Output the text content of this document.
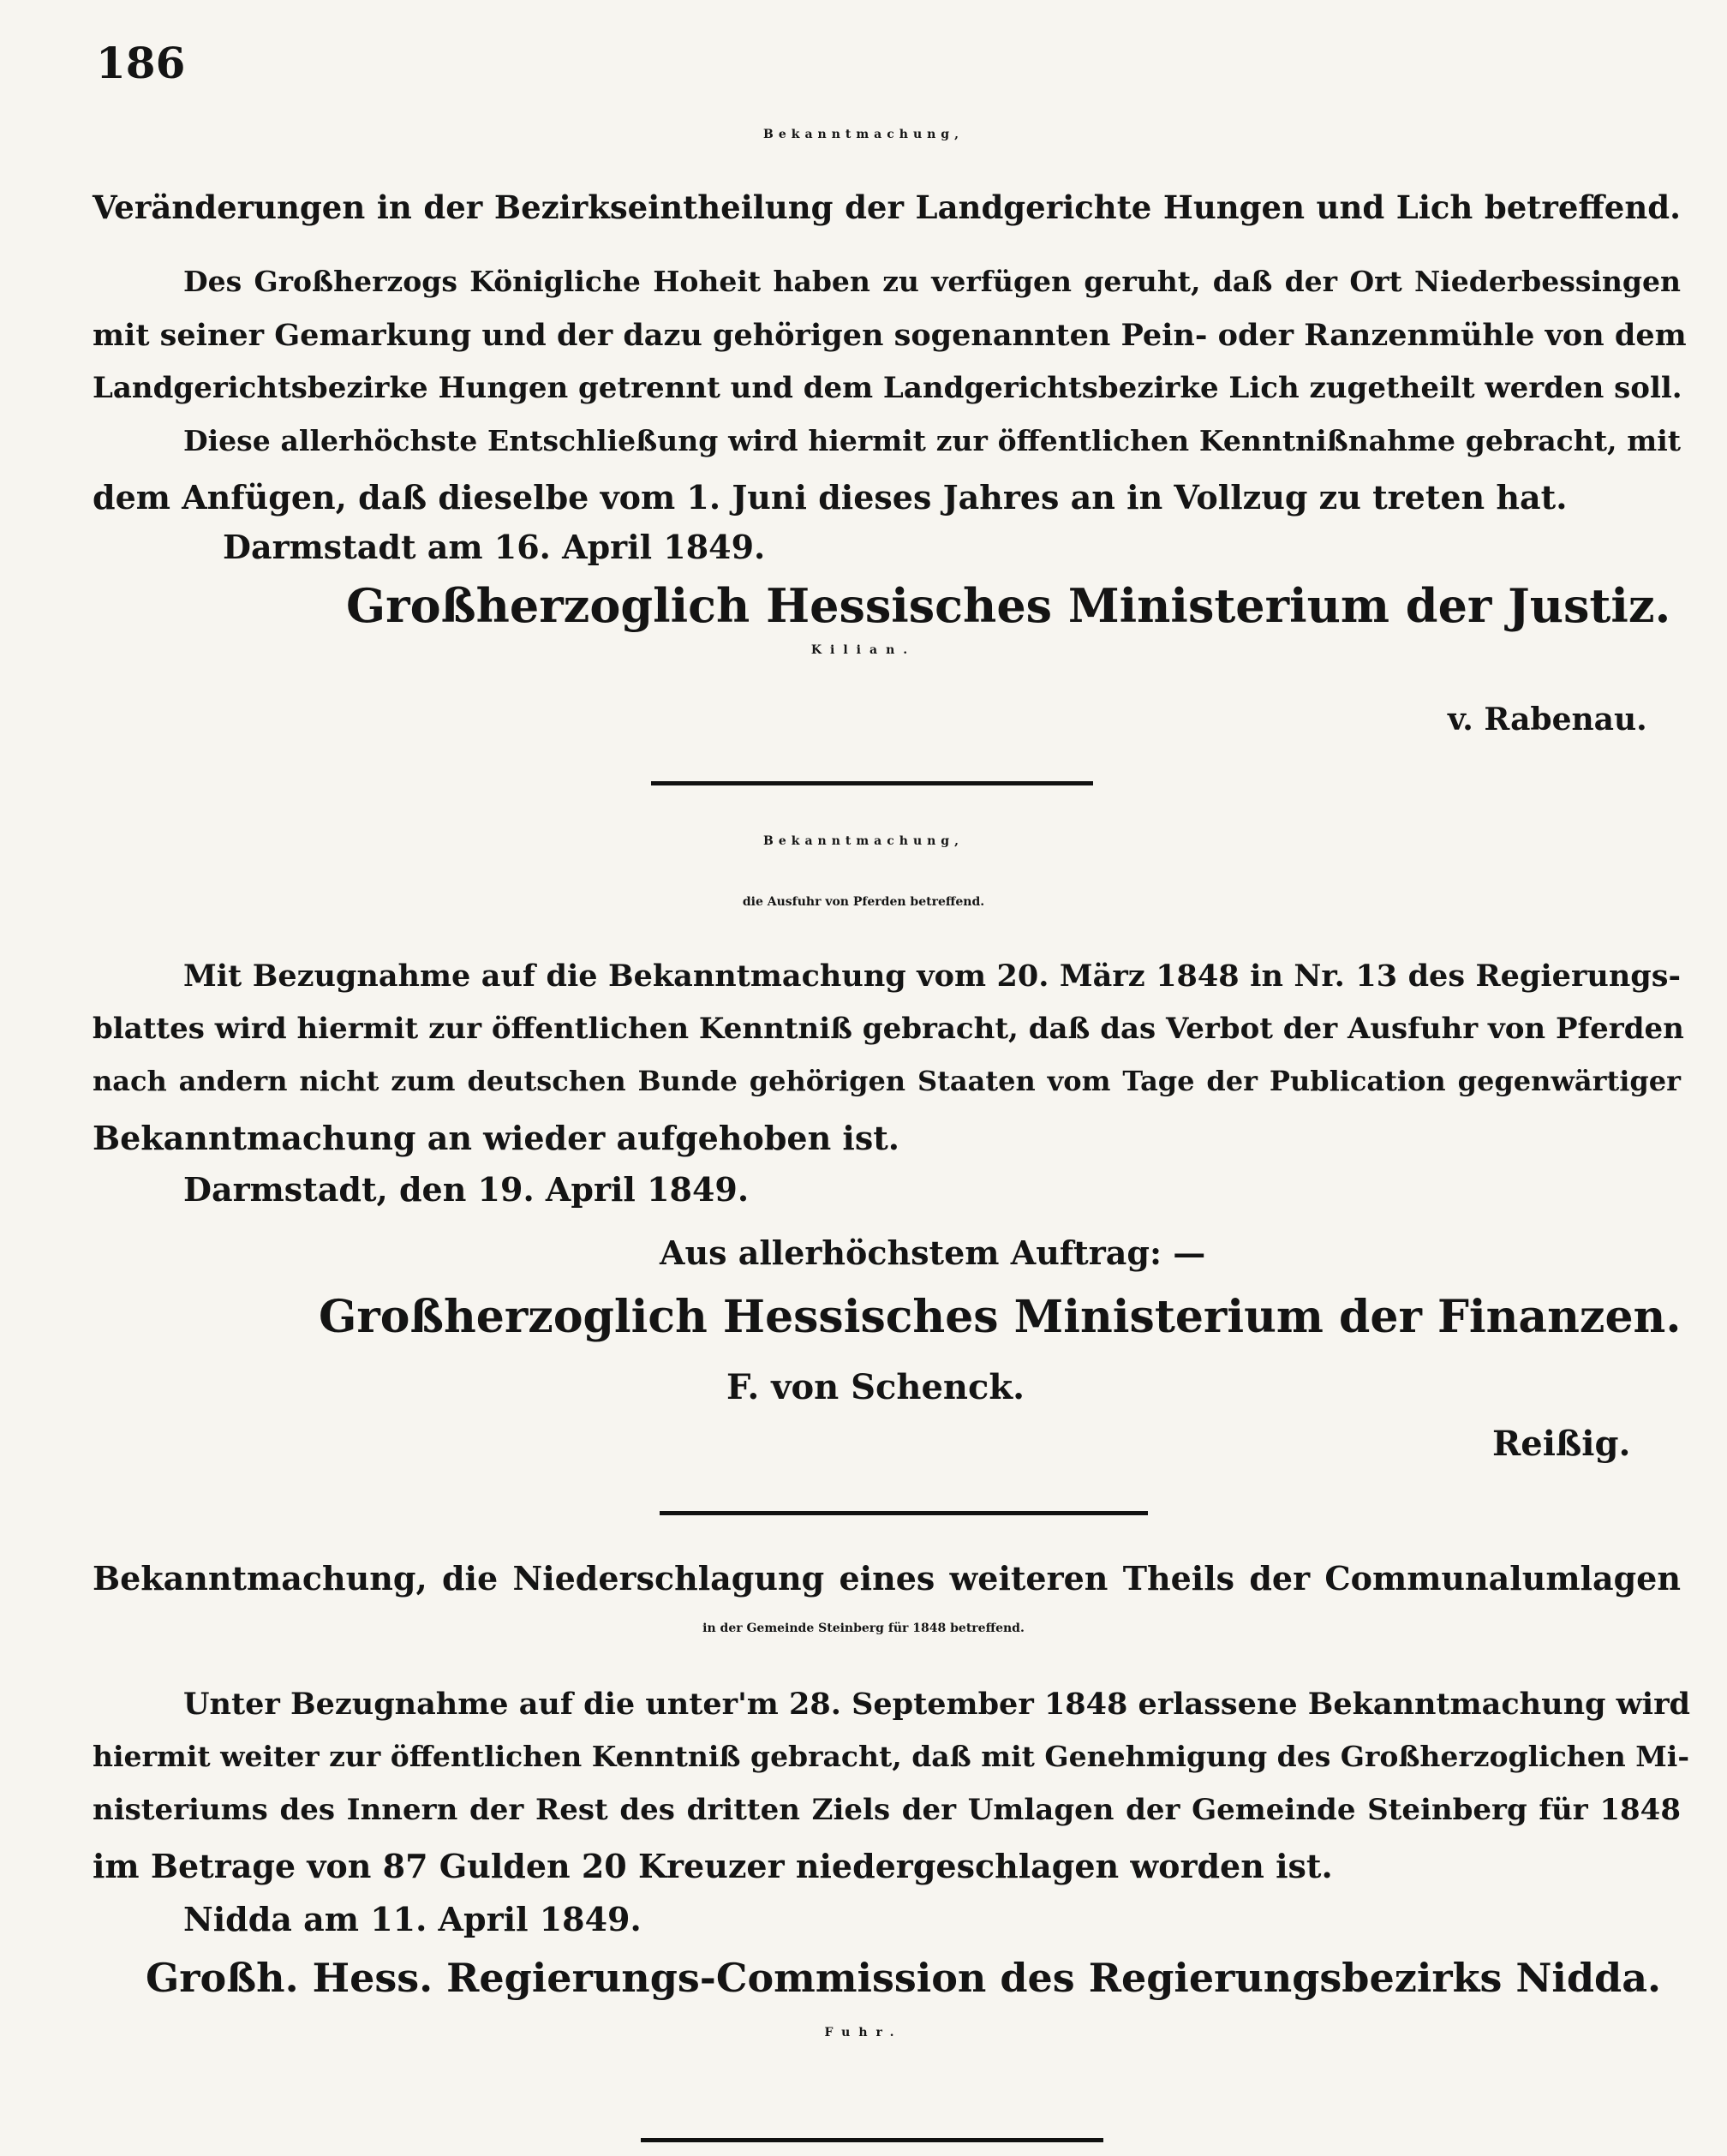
186
Bekanntmachung,
Veränderungen in der Bezirkseintheilung der Landgerichte Hungen und Lich betreffend.
Des Großherzogs Königliche Hoheit haben zu verfügen geruht, daß der Ort Niederbessingen
mit seiner Gemarkung und der dazu gehörigen sogenannten Pein- oder Ranzenmühle von dem
Landgerichtsbezirke Hungen getrennt und dem Landgerichtsbezirke Lich zugetheilt werden soll.
Diese allerhöchste Entschließung wird hiermit zur öffentlichen Kenntnißnahme gebracht, mit
dem Anfügen, daß dieselbe vom 1. Juni dieses Jahres an in Vollzug zu treten hat.
Darmstadt am 16. April 1849.
Großherzoglich Hessisches Ministerium der Justiz.
Kilian.
v. Rabenau.
Bekanntmachung,
die Ausfuhr von Pferden betreffend.
Mit Bezugnahme auf die Bekanntmachung vom 20. März 1848 in Nr. 13 des Regierungs-
blattes wird hiermit zur öffentlichen Kenntniß gebracht, daß das Verbot der Ausfuhr von Pferden
nach andern nicht zum deutschen Bunde gehörigen Staaten vom Tage der Publication gegenwärtiger
Bekanntmachung an wieder aufgehoben ist.
Darmstadt, den 19. April 1849.
Aus allerhöchstem Auftrag: —
Großherzoglich Hessisches Ministerium der Finanzen.
F. von Schenck.
Reißig.
Bekanntmachung, die Niederschlagung eines weiteren Theils der Communalumlagen
in der Gemeinde Steinberg für 1848 betreffend.
Unter Bezugnahme auf die unter'm 28. September 1848 erlassene Bekanntmachung wird
hiermit weiter zur öffentlichen Kenntniß gebracht, daß mit Genehmigung des Großherzoglichen Mi-
nisteriums des Innern der Rest des dritten Ziels der Umlagen der Gemeinde Steinberg für 1848
im Betrage von 87 Gulden 20 Kreuzer niedergeschlagen worden ist.
Nidda am 11. April 1849.
Großh. Hess. Regierungs-Commission des Regierungsbezirks Nidda.
Fuhr.
